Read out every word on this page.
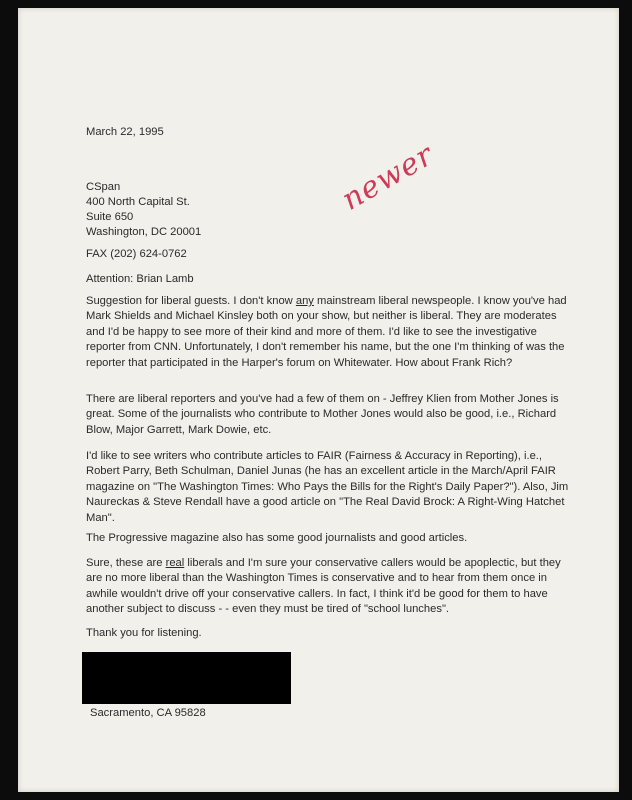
March 22, 1995
CSpan
400 North Capital St.
Suite 650
Washington, DC 20001
FAX (202) 624-0762
Attention: Brian Lamb
Suggestion for liberal guests. I don't know any mainstream liberal newspeople. I know you've had Mark Shields and Michael Kinsley both on your show, but neither is liberal. They are moderates and I'd be happy to see more of their kind and more of them. I'd like to see the investigative reporter from CNN. Unfortunately, I don't remember his name, but the one I'm thinking of was the reporter that participated in the Harper's forum on Whitewater. How about Frank Rich?
There are liberal reporters and you've had a few of them on - Jeffrey Klien from Mother Jones is great. Some of the journalists who contribute to Mother Jones would also be good, i.e., Richard Blow, Major Garrett, Mark Dowie, etc.
I'd like to see writers who contribute articles to FAIR (Fairness & Accuracy in Reporting), i.e., Robert Parry, Beth Schulman, Daniel Junas (he has an excellent article in the March/April FAIR magazine on "The Washington Times: Who Pays the Bills for the Right's Daily Paper?"). Also, Jim Naureckas & Steve Rendall have a good article on "The Real David Brock: A Right-Wing Hatchet Man".
The Progressive magazine also has some good journalists and good articles.
Sure, these are real liberals and I'm sure your conservative callers would be apoplectic, but they are no more liberal than the Washington Times is conservative and to hear from them once in awhile wouldn't drive off your conservative callers. In fact, I think it'd be good for them to have another subject to discuss - - even they must be tired of "school lunches".
Thank you for listening.
Sacramento, CA 95828
newer
